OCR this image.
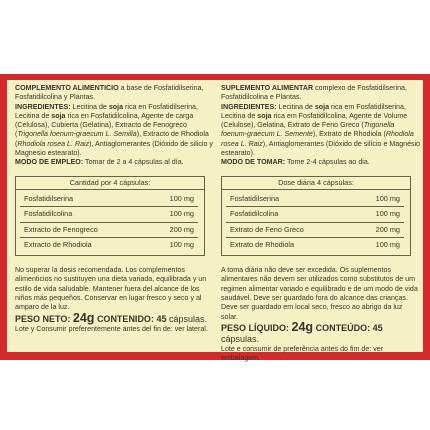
COMPLEMENTO ALIMENTICIO a base de Fosfatidilserina, Fosfatidilcolina y Plantas.

INGREDIENTES: Lecitina de soja rica en Fosfatidilserina, Lecitina de soja rica en Fosfatidilcolina, Agente de carga (Celulosa), Cubierta (Gelatina), Extracto de Fenogreco (Trigonella foenum-graecum L. Semilla), Extracto de Rhodiola (Rhodiola rosea L. Raiz), Antiaglomerantes (Dióxido de silicio y Magnesio estearato).

MODO DE EMPLEO: Tomar de 2 a 4 cápsulas al día.

Cantidad por 4 cápsulas:
Fosfatidilserina	100 mg
Fosfatidilcolina	100 mg
Extracto de Fenogreco	200 mg
Extracto de Rhodiola	100 mg

No superar la dosis recomendada. Los complementos alimenticios no sustituyen una dieta variada, equilibrada y un estilo de vida saludable. Mantener fuera del alcance de los niños más pequeños. Conservar en lugar fresco y seco y al amparo de la luz.

PESO NETO: 24g CONTENIDO: 45 cápsulas.

Lote y Consumir preferentemente antes del fin de: ver lateral.

SUPLEMENTO ALIMENTAR complexo de Fosfatidilserina, Fosfatidilcolina e Plantas.

INGREDIENTES: Lecitina de soja rica em Fosfatidilserina, Lecitina de soja rica em Fosfatidilcolina, Agente de Volume (Celulose), Gelatina, Extrato de Feno Greco (Trigonella foenum-graecum L. Semente), Extrato de Rhodiola (Rhodiola rosea L. Raiz), Antiaglomerantes (Dióxido de silício e Magnésio estearato).

MODO DE TOMAR: Tome 2-4 cápsulas ao dia.

Dose diária 4 cápsulas:
Fosfatidilserina	100 mg
Fosfatidilcolina	100 mg
Extrato de Feno Greco	200 mg
Extrato de Rhodiola	100 mg

A toma diária não deve ser excedida. Os suplementos alimentares não devem ser utilizados como substitutos de um regimen alimentar variado e equilibrado e de um modo de vida saudável. Deve ser guardado fora do alcance das crianças. Deve ser guardado em local seco, fresco ao abrigo da luz solar.

PESO LÍQUIDO: 24g CONTEÚDO: 45 cápsulas.

Lote e consumir de preferência antes do fim de: ver embalagem.
